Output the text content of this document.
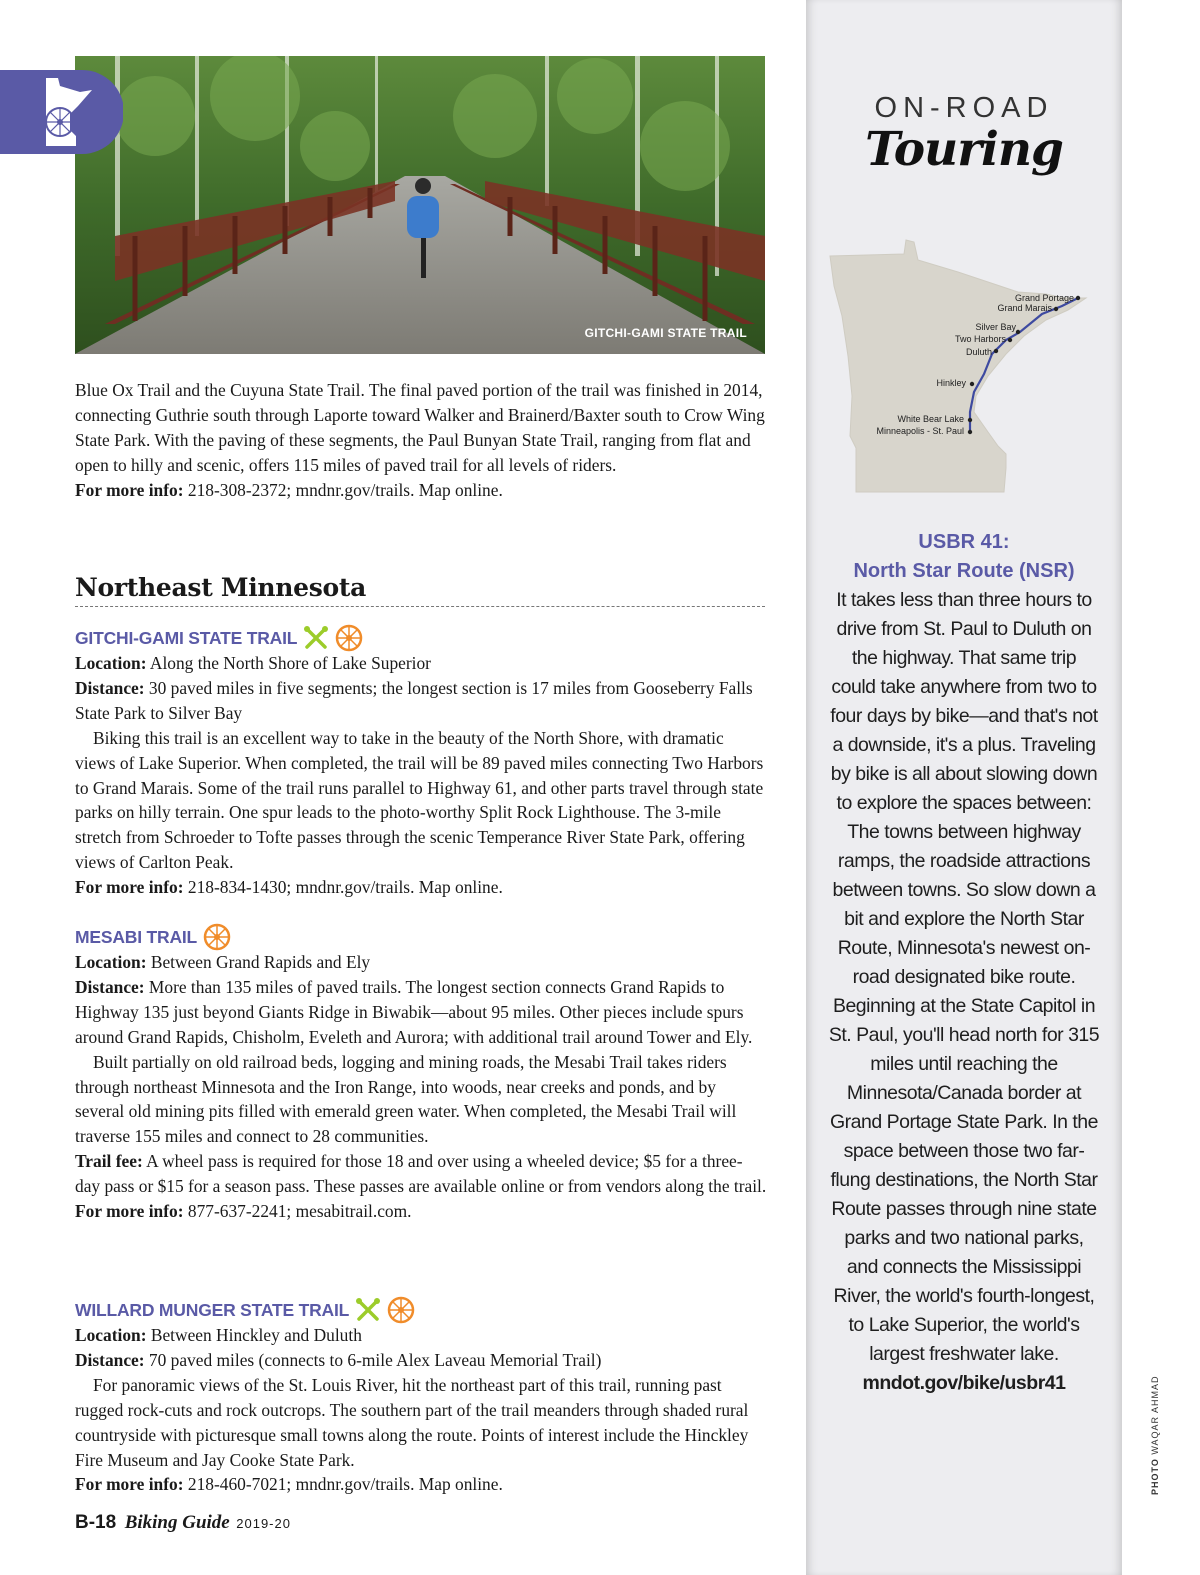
GITCHI-GAMI STATE TRAIL

Blue Ox Trail and the Cuyuna State Trail. The final paved portion of the trail was finished in 2014, connecting Guthrie south through Laporte toward Walker and Brainerd/Baxter south to Crow Wing State Park. With the paving of these segments, the Paul Bunyan State Trail, ranging from flat and open to hilly and scenic, offers 115 miles of paved trail for all levels of riders.

For more info: 218-308-2372; mndnr.gov/trails. Map online.

Northeast Minnesota
GITCHI-GAMI STATE TRAIL

Location: Along the North Shore of Lake Superior

Distance: 30 paved miles in five segments; the longest section is 17 miles from Gooseberry Falls State Park to Silver Bay

Biking this trail is an excellent way to take in the beauty of the North Shore, with dramatic views of Lake Superior. When completed, the trail will be 89 paved miles connecting Two Harbors to Grand Marais. Some of the trail runs parallel to Highway 61, and other parts travel through state parks on hilly terrain. One spur leads to the photo-worthy Split Rock Lighthouse. The 3-mile stretch from Schroeder to Tofte passes through the scenic Temperance River State Park, offering views of Carlton Peak.

For more info: 218-834-1430; mndnr.gov/trails. Map online.

MESABI TRAIL

Location: Between Grand Rapids and Ely

Distance: More than 135 miles of paved trails. The longest section connects Grand Rapids to Highway 135 just beyond Giants Ridge in Biwabik—about 95 miles. Other pieces include spurs around Grand Rapids, Chisholm, Eveleth and Aurora; with additional trail around Tower and Ely.

Built partially on old railroad beds, logging and mining roads, the Mesabi Trail takes riders through northeast Minnesota and the Iron Range, into woods, near creeks and ponds, and by several old mining pits filled with emerald green water. When completed, the Mesabi Trail will traverse 155 miles and connect to 28 communities.

Trail fee: A wheel pass is required for those 18 and over using a wheeled device; $5 for a three-day pass or $15 for a season pass. These passes are available online or from vendors along the trail.

For more info: 877-637-2241; mesabitrail.com.

WILLARD MUNGER STATE TRAIL

Location: Between Hinckley and Duluth

Distance: 70 paved miles (connects to 6-mile Alex Laveau Memorial Trail)

For panoramic views of the St. Louis River, hit the northeast part of this trail, running past rugged rock-cuts and rock outcrops. The southern part of the trail meanders through shaded rural countryside with picturesque small towns along the route. Points of interest include the Hinckley Fire Museum and Jay Cooke State Park.

For more info: 218-460-7021; mndnr.gov/trails. Map online.

B-18 Biking Guide 2019-20
ON-ROAD
Touring
Grand Portage
Grand Marais
Silver Bay
Two Harbors
Duluth
Hinkley
White Bear Lake
Minneapolis - St. Paul
USBR 41:
North Star Route (NSR)
It takes less than three hours to drive from St. Paul to Duluth on the highway. That same trip could take anywhere from two to four days by bike—and that's not a downside, it's a plus. Traveling by bike is all about slowing down to explore the spaces between: The towns between highway ramps, the roadside attractions between towns. So slow down a bit and explore the North Star Route, Minnesota's newest on-road designated bike route. Beginning at the State Capitol in St. Paul, you'll head north for 315 miles until reaching the Minnesota/Canada border at Grand Portage State Park. In the space between those two far-flung destinations, the North Star Route passes through nine state parks and two national parks, and connects the Mississippi River, the world's fourth-longest, to Lake Superior, the world's largest freshwater lake.
mndot.gov/bike/usbr41
PHOTO WAQAR AHMAD
